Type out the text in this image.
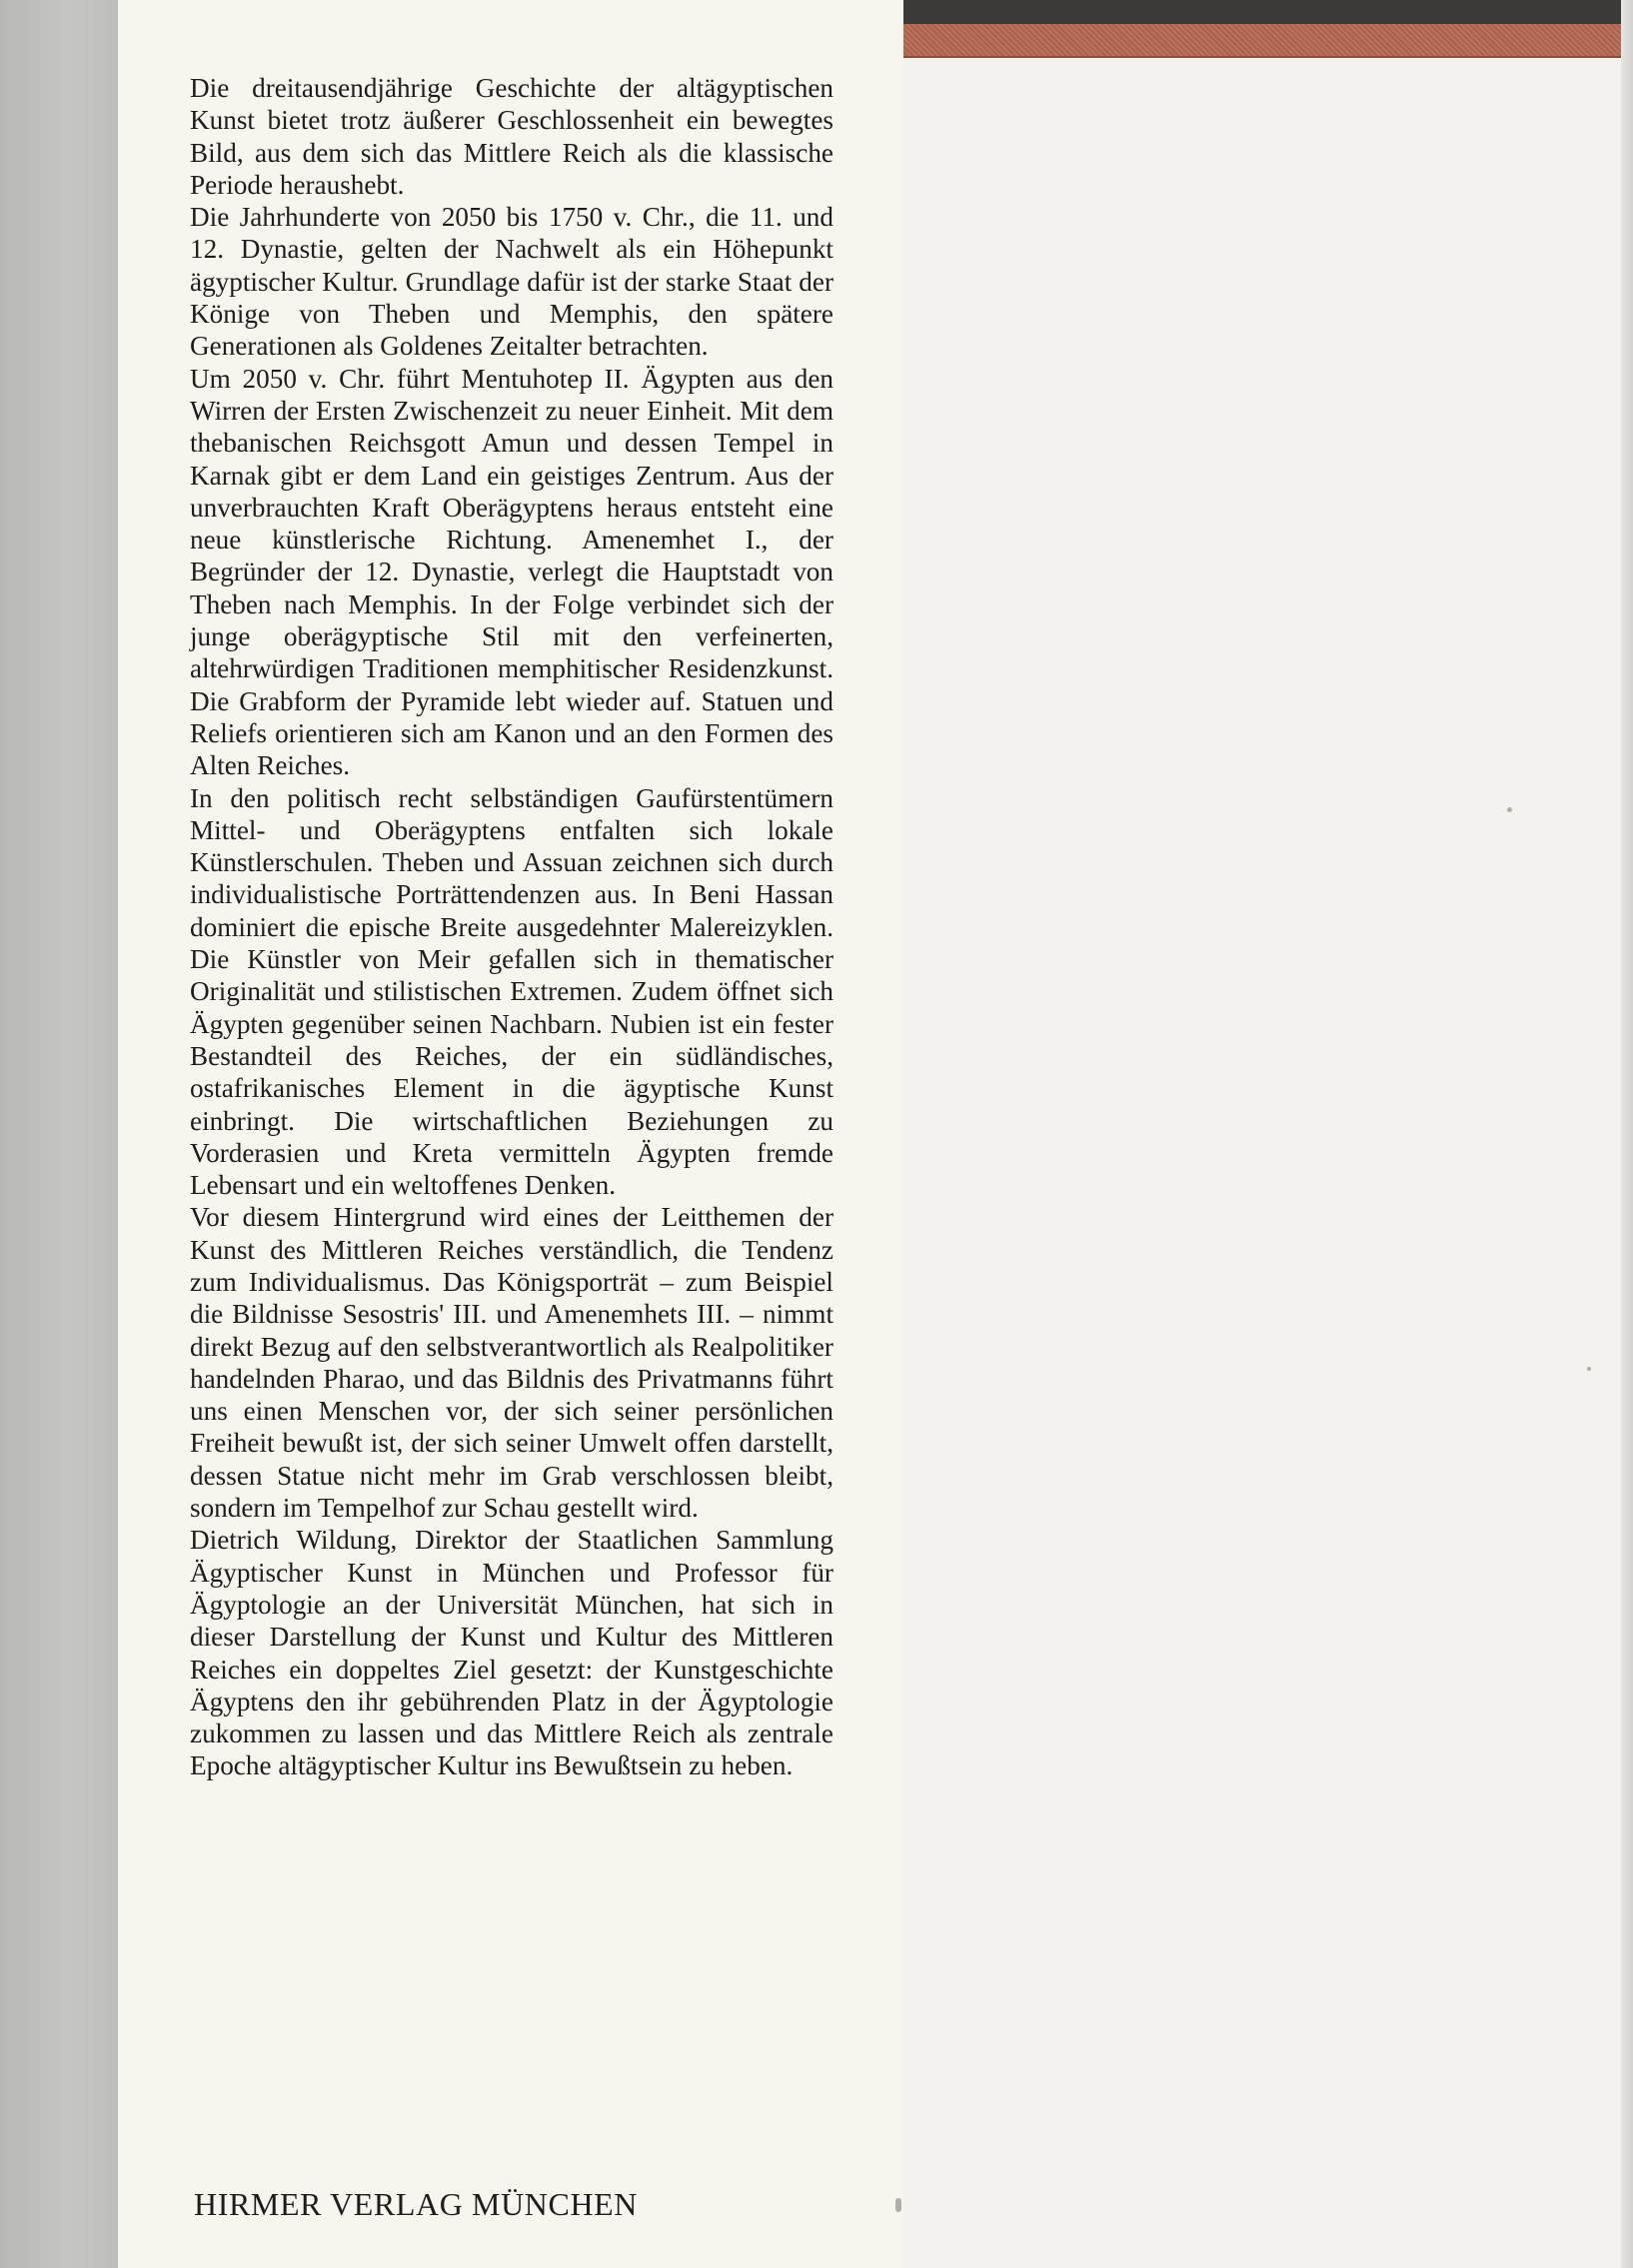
Die dreitausendjährige Geschichte der altägyptischen Kunst bietet trotz äußerer Geschlossenheit ein bewegtes Bild, aus dem sich das Mittlere Reich als die klassische Periode heraushebt.

Die Jahrhunderte von 2050 bis 1750 v. Chr., die 11. und 12. Dynastie, gelten der Nachwelt als ein Höhepunkt ägyptischer Kultur. Grundlage dafür ist der starke Staat der Könige von Theben und Memphis, den spätere Generationen als Goldenes Zeitalter betrachten.

Um 2050 v. Chr. führt Mentuhotep II. Ägypten aus den Wirren der Ersten Zwischenzeit zu neuer Einheit. Mit dem thebanischen Reichsgott Amun und dessen Tempel in Karnak gibt er dem Land ein geistiges Zentrum. Aus der unverbrauchten Kraft Oberägyptens heraus entsteht eine neue künstlerische Richtung. Amenemhet I., der Begründer der 12. Dynastie, verlegt die Hauptstadt von Theben nach Memphis. In der Folge verbindet sich der junge oberägyptische Stil mit den verfeinerten, altehrwürdigen Traditionen memphitischer Residenzkunst. Die Grabform der Pyramide lebt wieder auf. Statuen und Reliefs orientieren sich am Kanon und an den Formen des Alten Reiches.

In den politisch recht selbständigen Gaufürstentümern Mittel- und Oberägyptens entfalten sich lokale Künstlerschulen. Theben und Assuan zeichnen sich durch individualistische Porträttendenzen aus. In Beni Hassan dominiert die epische Breite ausgedehnter Malereizyklen. Die Künstler von Meir gefallen sich in thematischer Originalität und stilistischen Extremen. Zudem öffnet sich Ägypten gegenüber seinen Nachbarn. Nubien ist ein fester Bestandteil des Reiches, der ein südländisches, ostafrikanisches Element in die ägyptische Kunst einbringt. Die wirtschaftlichen Beziehungen zu Vorderasien und Kreta vermitteln Ägypten fremde Lebensart und ein weltoffenes Denken.

Vor diesem Hintergrund wird eines der Leitthemen der Kunst des Mittleren Reiches verständlich, die Tendenz zum Individualismus. Das Königsporträt – zum Beispiel die Bildnisse Sesostris' III. und Amenemhets III. – nimmt direkt Bezug auf den selbstverantwortlich als Realpolitiker handelnden Pharao, und das Bildnis des Privatmanns führt uns einen Menschen vor, der sich seiner persönlichen Freiheit bewußt ist, der sich seiner Umwelt offen darstellt, dessen Statue nicht mehr im Grab verschlossen bleibt, sondern im Tempelhof zur Schau gestellt wird.

Dietrich Wildung, Direktor der Staatlichen Sammlung Ägyptischer Kunst in München und Professor für Ägyptologie an der Universität München, hat sich in dieser Darstellung der Kunst und Kultur des Mittleren Reiches ein doppeltes Ziel gesetzt: der Kunstgeschichte Ägyptens den ihr gebührenden Platz in der Ägyptologie zukommen zu lassen und das Mittlere Reich als zentrale Epoche altägyptischer Kultur ins Bewußtsein zu heben.

HIRMER VERLAG MÜNCHEN
